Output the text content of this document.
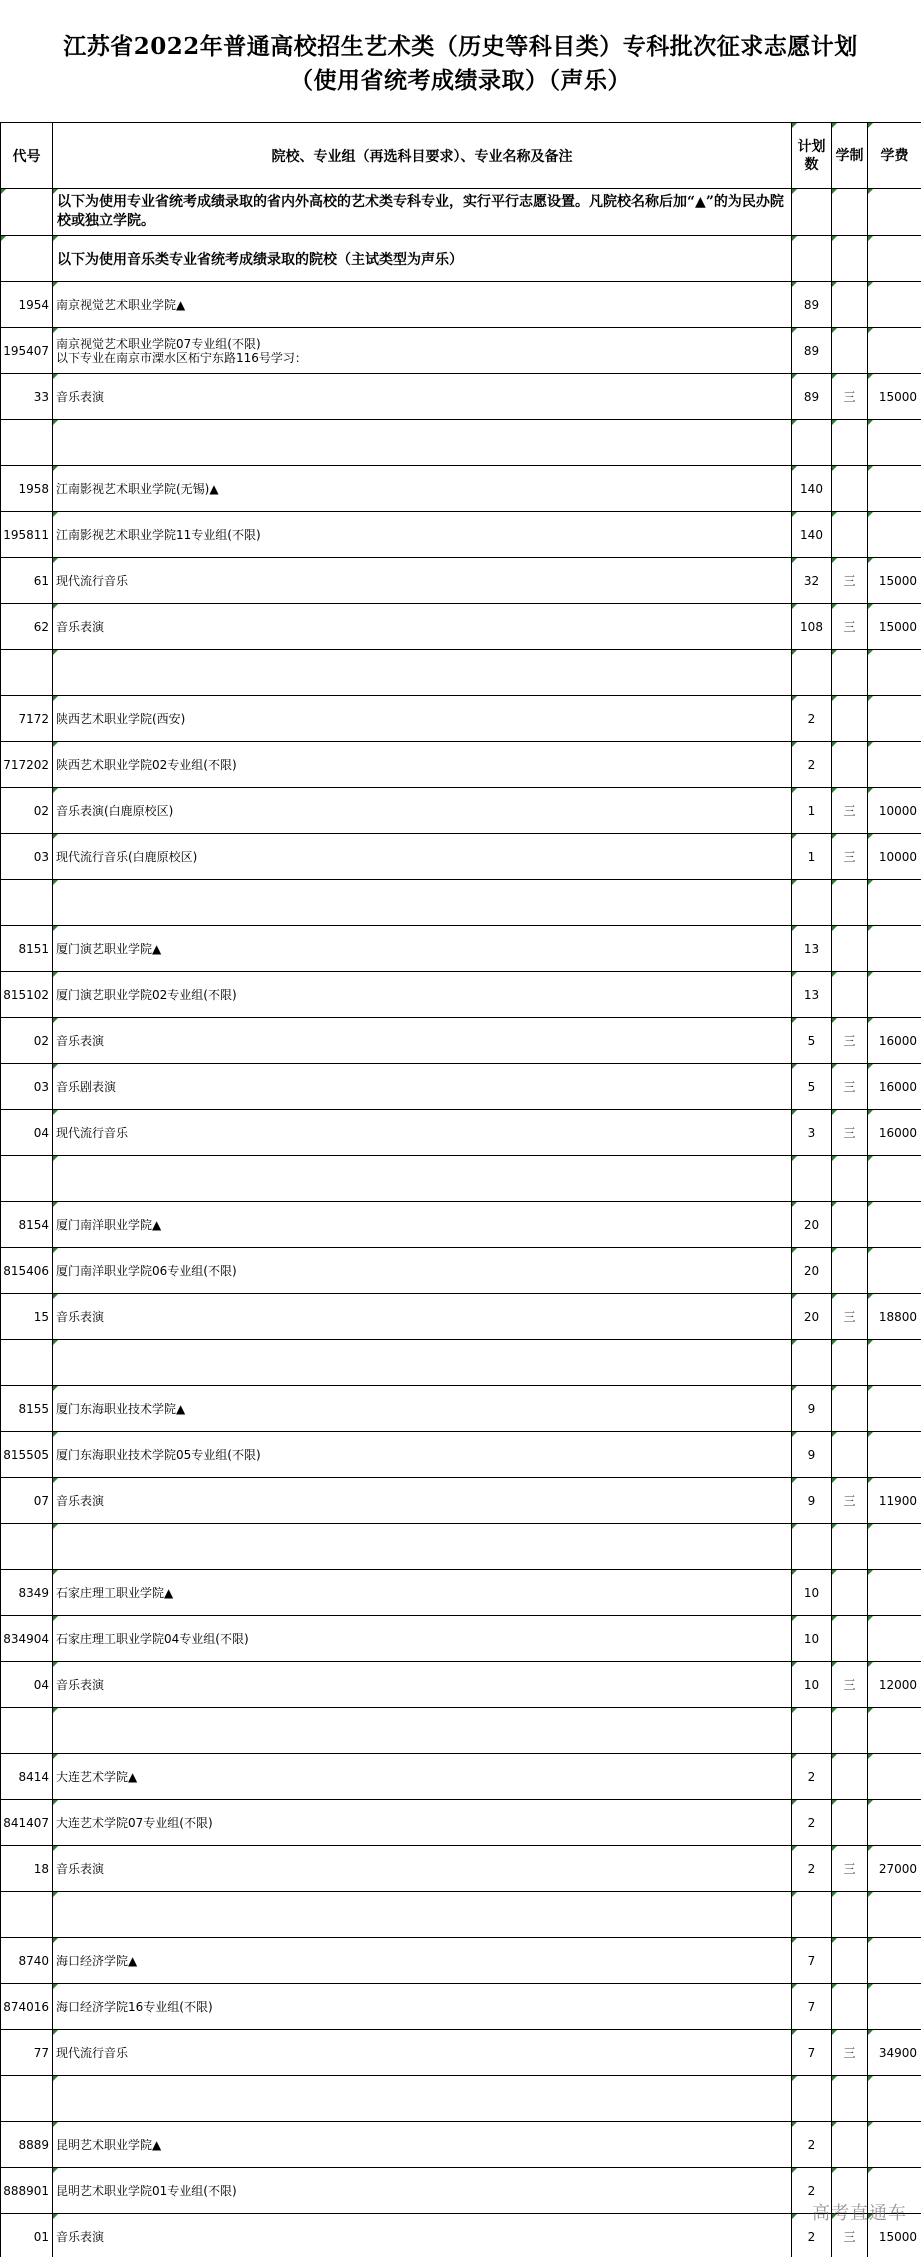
江苏省2022年普通高校招生艺术类（历史等科目类）专科批次征求志愿计划
（使用省统考成绩录取）（声乐）
代号	院校、专业组（再选科目要求）、专业名称及备注	计划数	学制	学费
	以下为使用专业省统考成绩录取的省内外高校的艺术类专科专业，实行平行志愿设置。凡院校名称后加“▲”的为民办院校或独立学院。			
	以下为使用音乐类专业省统考成绩录取的院校（主试类型为声乐）			
1954	南京视觉艺术职业学院▲	89		
195407	南京视觉艺术职业学院07专业组(不限)
以下专业在南京市溧水区柘宁东路116号学习：	89		
33	音乐表演	89	三	15000

1958	江南影视艺术职业学院(无锡)▲	140		
195811	江南影视艺术职业学院11专业组(不限)	140		
61	现代流行音乐	32	三	15000
62	音乐表演	108	三	15000

7172	陕西艺术职业学院(西安)	2		
717202	陕西艺术职业学院02专业组(不限)	2		
02	音乐表演(白鹿原校区)	1	三	10000
03	现代流行音乐(白鹿原校区)	1	三	10000

8151	厦门演艺职业学院▲	13		
815102	厦门演艺职业学院02专业组(不限)	13		
02	音乐表演	5	三	16000
03	音乐剧表演	5	三	16000
04	现代流行音乐	3	三	16000

8154	厦门南洋职业学院▲	20		
815406	厦门南洋职业学院06专业组(不限)	20		
15	音乐表演	20	三	18800

8155	厦门东海职业技术学院▲	9		
815505	厦门东海职业技术学院05专业组(不限)	9		
07	音乐表演	9	三	11900

8349	石家庄理工职业学院▲	10		
834904	石家庄理工职业学院04专业组(不限)	10		
04	音乐表演	10	三	12000

8414	大连艺术学院▲	2		
841407	大连艺术学院07专业组(不限)	2		
18	音乐表演	2	三	27000

8740	海口经济学院▲	7		
874016	海口经济学院16专业组(不限)	7		
77	现代流行音乐	7	三	34900

8889	昆明艺术职业学院▲	2		
888901	昆明艺术职业学院01专业组(不限)	2		
01	音乐表演	2	三	15000
高考直通车
